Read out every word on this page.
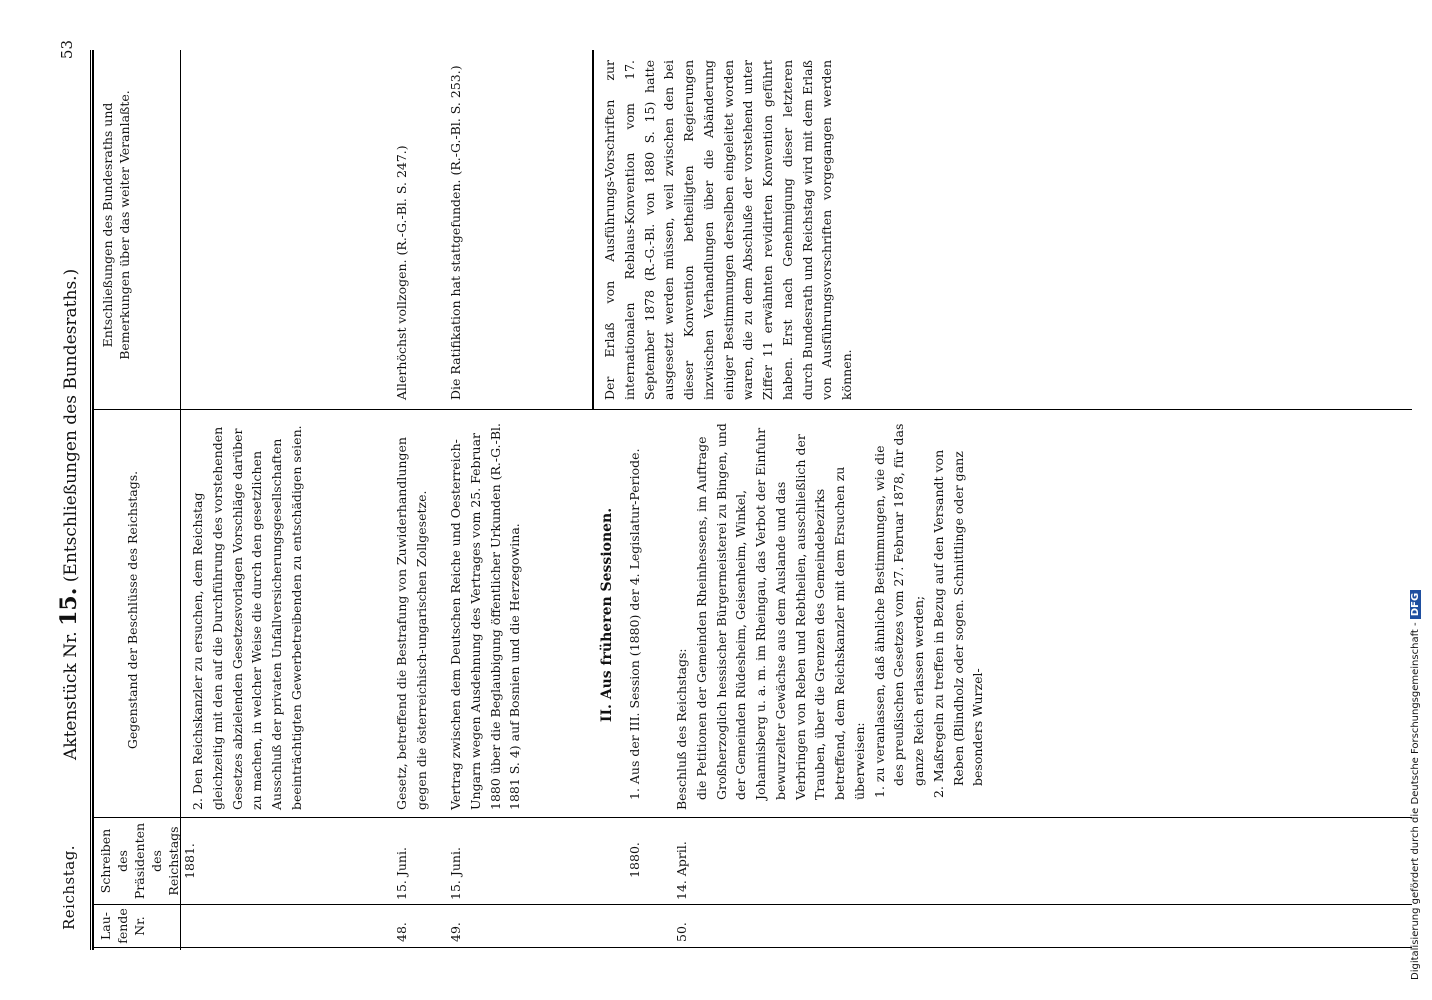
Reichstag.
Aktenstück Nr. 15. (Entschließungen des Bundesraths.)
53
Lau-fende Nr.
Schreiben des Präsidenten des Reichstags 1881.
Gegenstand der Beschlüsse des Reichstags.
Entschließungen des Bundesraths und Bemerkungen über das weiter Veranlaßte.
2. Den Reichskanzler zu ersuchen, dem Reichstag gleichzeitig mit den auf die Durchführung des vorstehenden Gesetzes abzielenden Gesetzesvorlagen Vorschläge darüber zu machen, in welcher Weise die durch den gesetzlichen Ausschluß der privaten Unfallversicherungsgesellschaften beeinträchtigten Gewerbetreibenden zu entschädigen seien.
48.
15. Juni.
Gesetz, betreffend die Bestrafung von Zuwiderhandlungen gegen die österreichisch-ungarischen Zollgesetze.
Allerhöchst vollzogen. (R.-G.-Bl. S. 247.)
49.
15. Juni.
Vertrag zwischen dem Deutschen Reiche und Oesterreich-Ungarn wegen Ausdehnung des Vertrages vom 25. Februar 1880 über die Beglaubigung öffentlicher Urkunden (R.-G.-Bl. 1881 S. 4) auf Bosnien und die Herzegowina.
Die Ratifikation hat stattgefunden. (R.-G.-Bl. S. 253.)
II. Aus früheren Sessionen.
1880.
1. Aus der III. Session (1880) der 4. Legislatur-Periode.
50.
14. April.

Beschluß des Reichstags: die Petitionen der Gemeinden Rheinhessens, im Auftrage Großherzoglich hessischer Bürgermeisterei zu Bingen, und der Gemeinden Rüdesheim, Geisenheim, Winkel, Johannisberg u. a. m. im Rheingau, das Verbot der Einfuhr bewurzelter Gewächse aus dem Auslande und das Verbringen von Reben und Rebtheilen, ausschließlich der Trauben, über die Grenzen des Gemeindebezirks betreffend, dem Reichskanzler mit dem Ersuchen zu überweisen: 1. zu veranlassen, daß ähnliche Bestimmungen, wie die des preußischen Gesetzes vom 27. Februar 1878, für das ganze Reich erlassen werden; 2. Maßregeln zu treffen in Bezug auf den Versandt von Reben (Blindholz oder sogen. Schnittlinge oder ganz besonders Wurzel-

Der Erlaß von Ausführungs-Vorschriften zur internationalen Reblaus-Konvention vom 17. September 1878 (R.-G.-Bl. von 1880 S. 15) hatte ausgesetzt werden müssen, weil zwischen den bei dieser Konvention betheiligten Regierungen inzwischen Verhandlungen über die Abänderung einiger Bestimmungen derselben eingeleitet worden waren, die zu dem Abschluße der vorstehend unter Ziffer 11 erwähnten revidirten Konvention geführt haben. Erst nach Genehmigung dieser letzteren durch Bundesrath und Reichstag wird mit dem Erlaß von Ausführungsvorschriften vorgegangen werden können.
Digitalisierung gefördert durch die Deutsche Forschungsgemeinschaft - DFG
